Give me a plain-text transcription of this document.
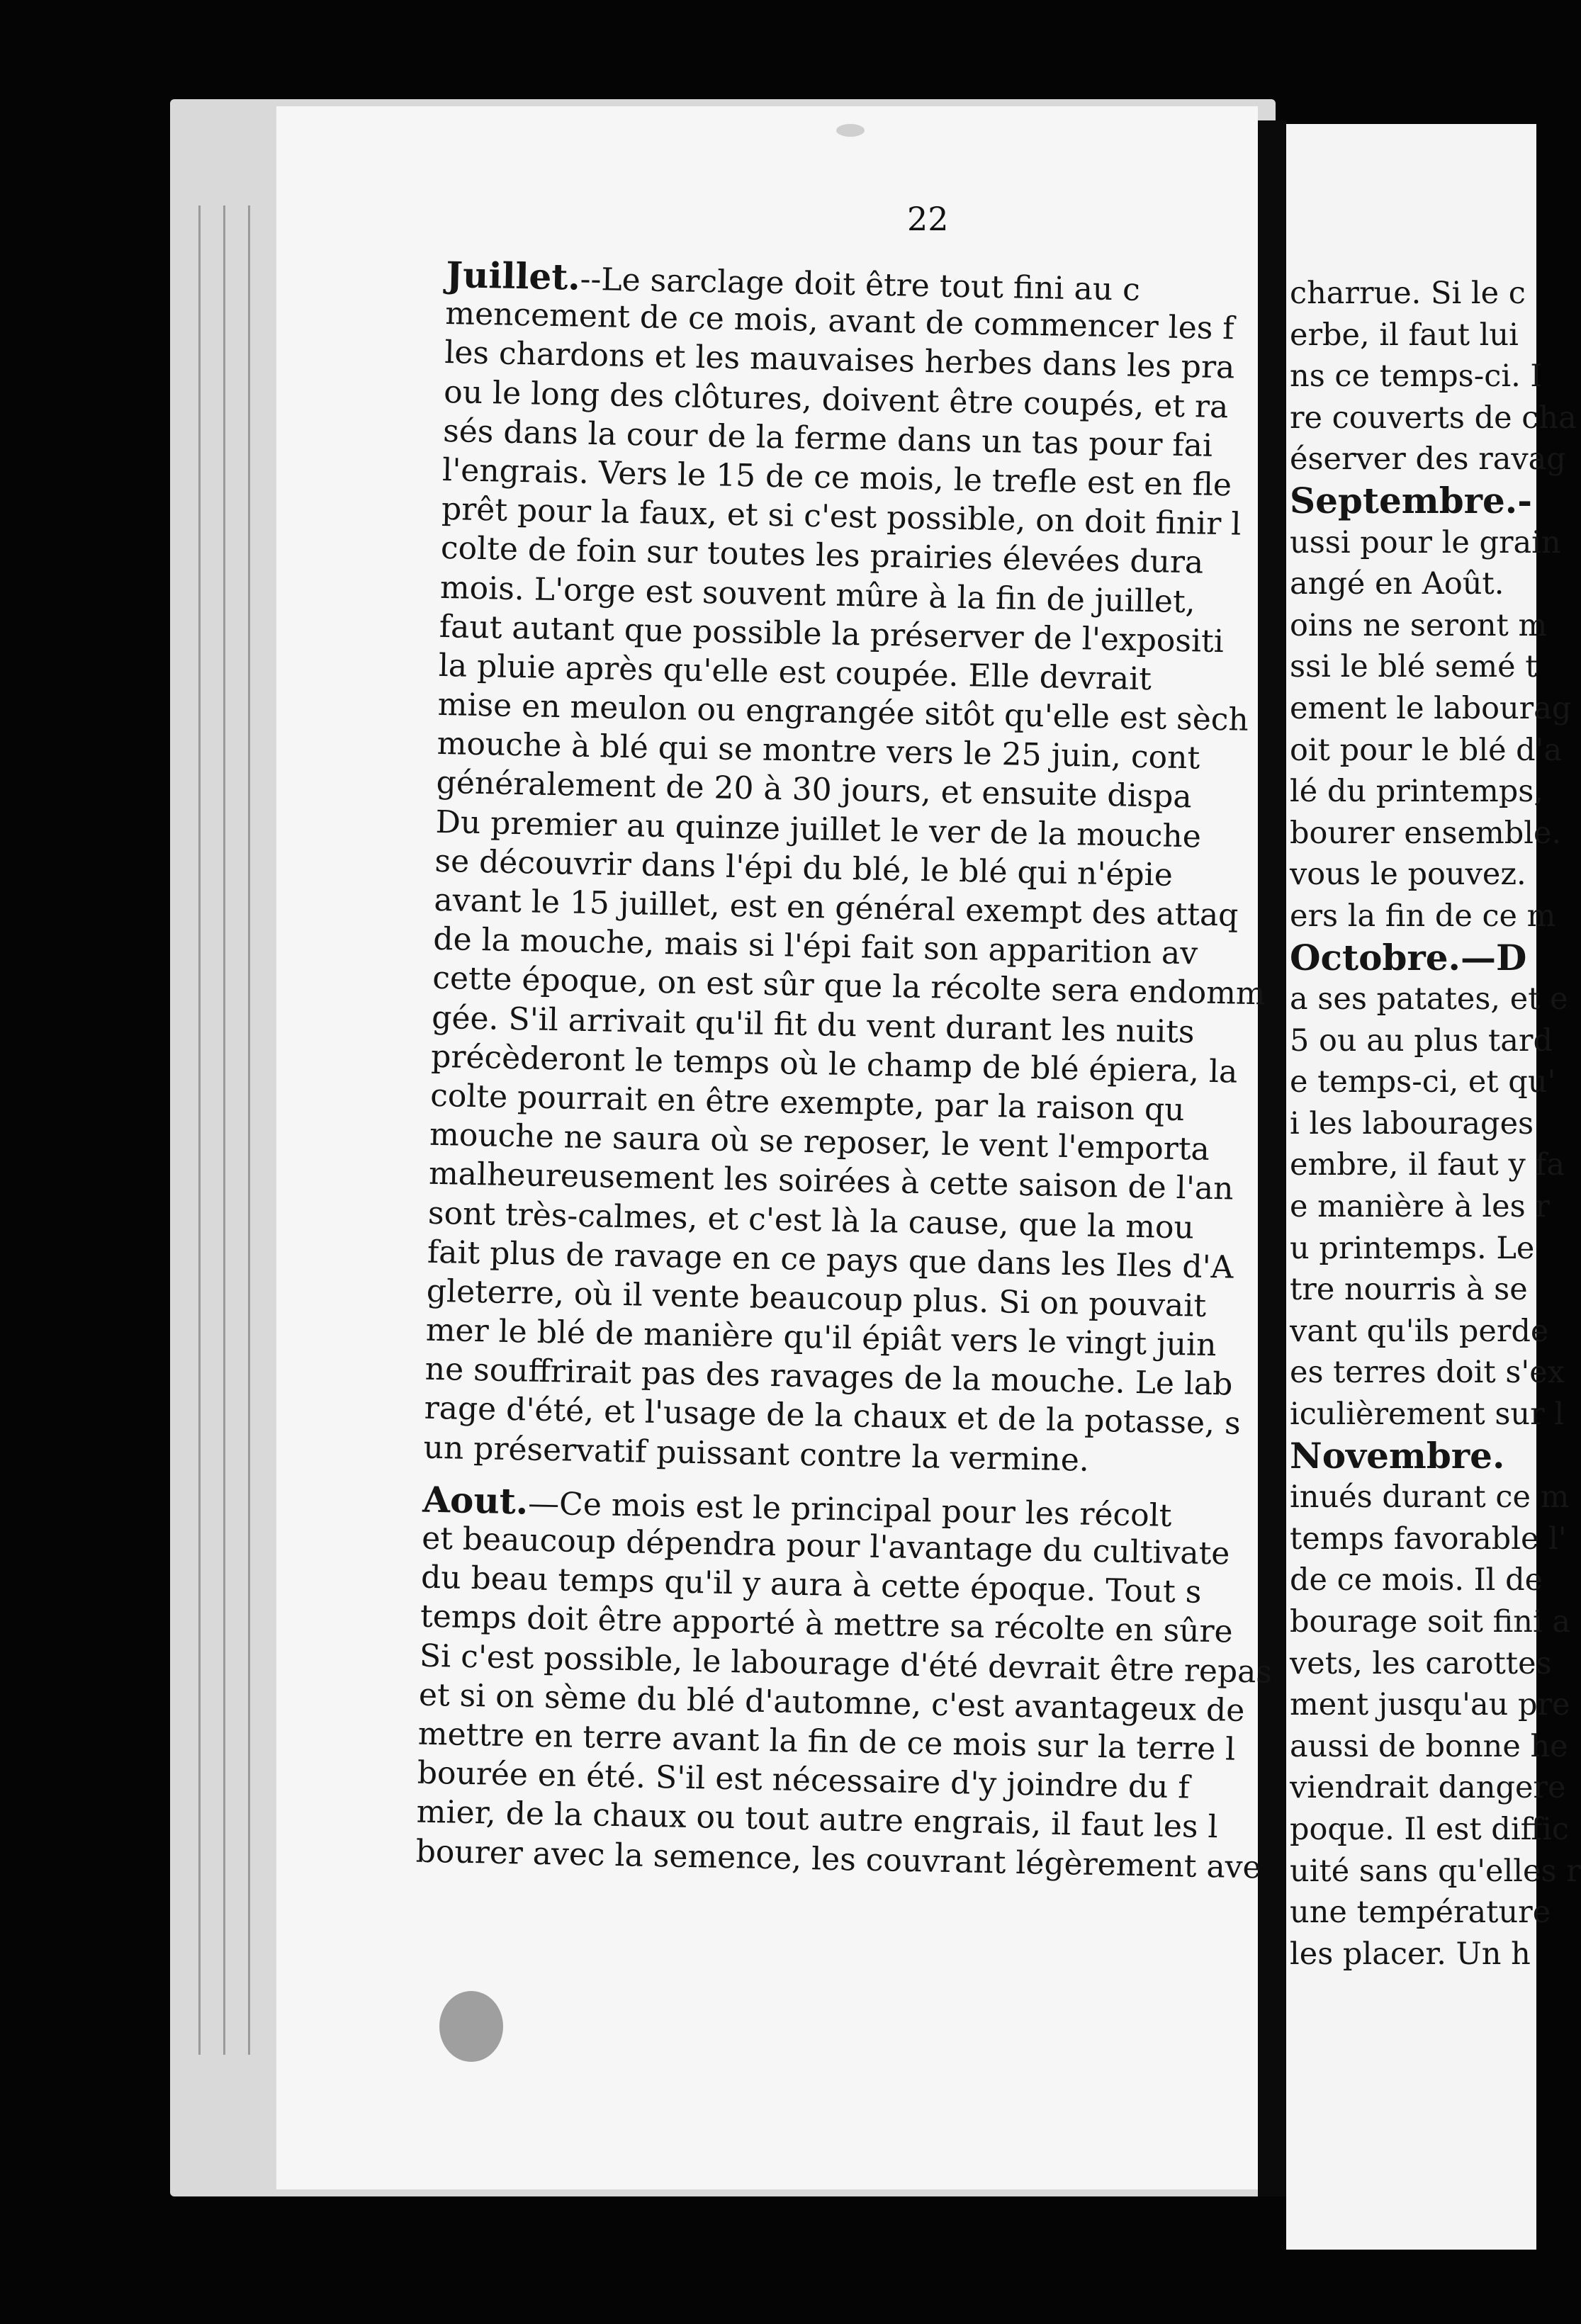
22
Juillet.--Le sarclage doit être tout fini au c
mencement de ce mois, avant de commencer les f
les chardons et les mauvaises herbes dans les pra
ou le long des clôtures, doivent être coupés, et ra
sés dans la cour de la ferme dans un tas pour fai
l'engrais. Vers le 15 de ce mois, le trefle est en fle
prêt pour la faux, et si c'est possible, on doit finir l
colte de foin sur toutes les prairies élevées dura
mois. L'orge est souvent mûre à la fin de juillet,
faut autant que possible la préserver de l'expositi
la pluie après qu'elle est coupée. Elle devrait
mise en meulon ou engrangée sitôt qu'elle est sèch
mouche à blé qui se montre vers le 25 juin, cont
généralement de 20 à 30 jours, et ensuite dispa
Du premier au quinze juillet le ver de la mouche
se découvrir dans l'épi du blé, le blé qui n'épie
avant le 15 juillet, est en général exempt des attaq
de la mouche, mais si l'épi fait son apparition av
cette époque, on est sûr que la récolte sera endomm
gée. S'il arrivait qu'il fit du vent durant les nuits
précèderont le temps où le champ de blé épiera, la
colte pourrait en être exempte, par la raison qu
mouche ne saura où se reposer, le vent l'emporta
malheureusement les soirées à cette saison de l'an
sont très-calmes, et c'est là la cause, que la mou
fait plus de ravage en ce pays que dans les Iles d'A
gleterre, où il vente beaucoup plus. Si on pouvait
mer le blé de manière qu'il épiât vers le vingt juin
ne souffrirait pas des ravages de la mouche. Le lab
rage d'été, et l'usage de la chaux et de la potasse, s
un préservatif puissant contre la vermine.
Aout.—Ce mois est le principal pour les récolt
et beaucoup dépendra pour l'avantage du cultivate
du beau temps qu'il y aura à cette époque. Tout s
temps doit être apporté à mettre sa récolte en sûre
Si c'est possible, le labourage d'été devrait être repas
et si on sème du blé d'automne, c'est avantageux de
mettre en terre avant la fin de ce mois sur la terre l
bourée en été. S'il est nécessaire d'y joindre du f
mier, de la chaux ou tout autre engrais, il faut les l
bourer avec la semence, les couvrant légèrement ave
charrue. Si le c
erbe, il faut lui
ns ce temps-ci. I
re couverts de cha
éserver des ravag
Septembre.-
ussi pour le grain
angé en Août.
oins ne seront m
ssi le blé semé t
ement le labourag
oit pour le blé d'a
lé du printemps,
bourer ensemble.
vous le pouvez.
ers la fin de ce m
Octobre.—D
a ses patates, et e
5 ou au plus tard
e temps-ci, et qu'
i les labourages
embre, il faut y fa
e manière à les r
u printemps. Le
tre nourris à se
vant qu'ils perde
es terres doit s'ex
iculièrement sur l
Novembre.
inués durant ce m
temps favorable l'
de ce mois. Il de
bourage soit fini a
vets, les carottes
ment jusqu'au pre
aussi de bonne he
viendrait dangere
poque. Il est diffic
uité sans qu'elles r
une température
les placer. Un h
